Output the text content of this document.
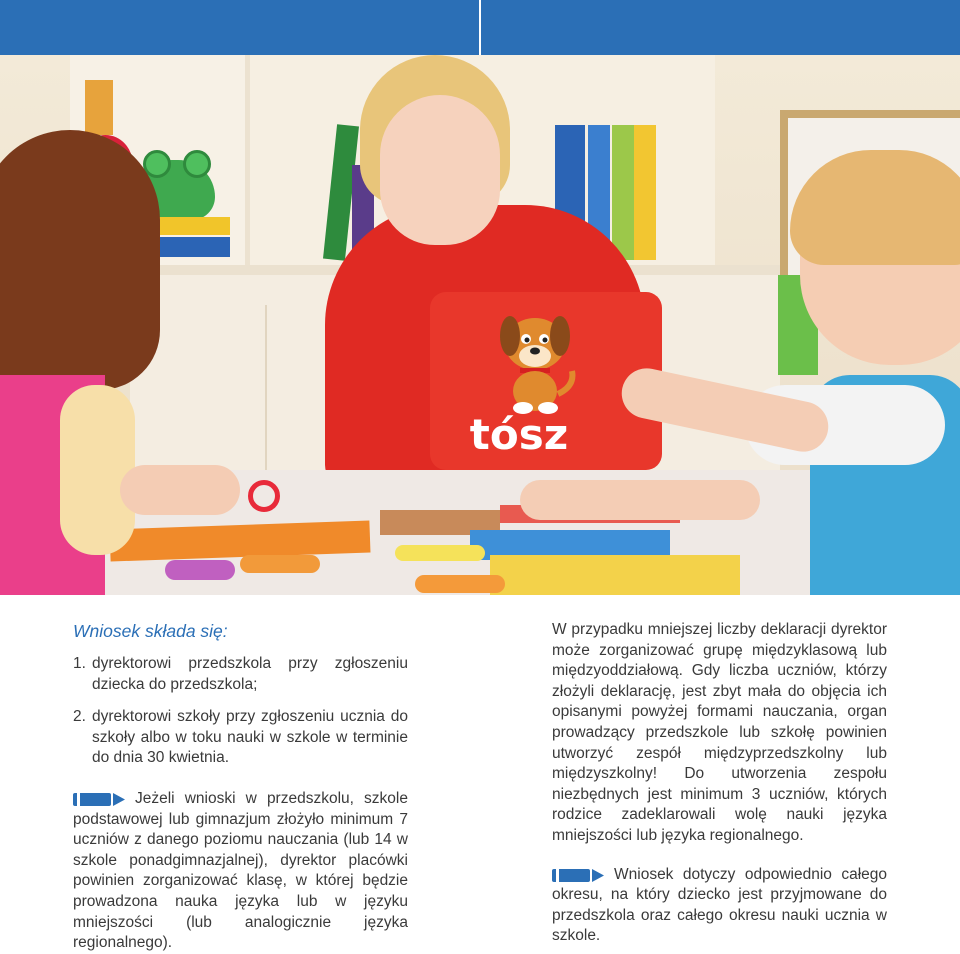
tósz

Wniosek składa się:

1. dyrektorowi przedszkola przy zgłoszeniu dziecka do przedszkola;
2. dyrektorowi szkoły przy zgłoszeniu ucznia do szkoły albo w toku nauki w szkole w terminie do dnia 30 kwietnia.

Jeżeli wnioski w przedszkolu, szkole podstawowej lub gimnazjum złożyło minimum 7 uczniów z danego poziomu nauczania (lub 14 w szkole ponadgimnazjalnej), dyrektor placówki powinien zorganizować klasę, w której będzie prowadzona nauka języka lub w języku mniejszości (lub analogicznie języka regionalnego).

W przypadku mniejszej liczby deklaracji dyrektor może zorganizować grupę międzyklasową lub międzyoddziałową. Gdy liczba uczniów, którzy złożyli deklarację, jest zbyt mała do objęcia ich opisanymi powyżej formami nauczania, organ prowadzący przedszkole lub szkołę powinien utworzyć zespół międzyprzedszkolny lub międzyszkolny! Do utworzenia zespołu niezbędnych jest minimum 3 uczniów, których rodzice zadeklarowali wolę nauki języka mniejszości lub języka regionalnego.

Wniosek dotyczy odpowiednio całego okresu, na który dziecko jest przyjmowane do przedszkola oraz całego okresu nauki ucznia w szkole.
